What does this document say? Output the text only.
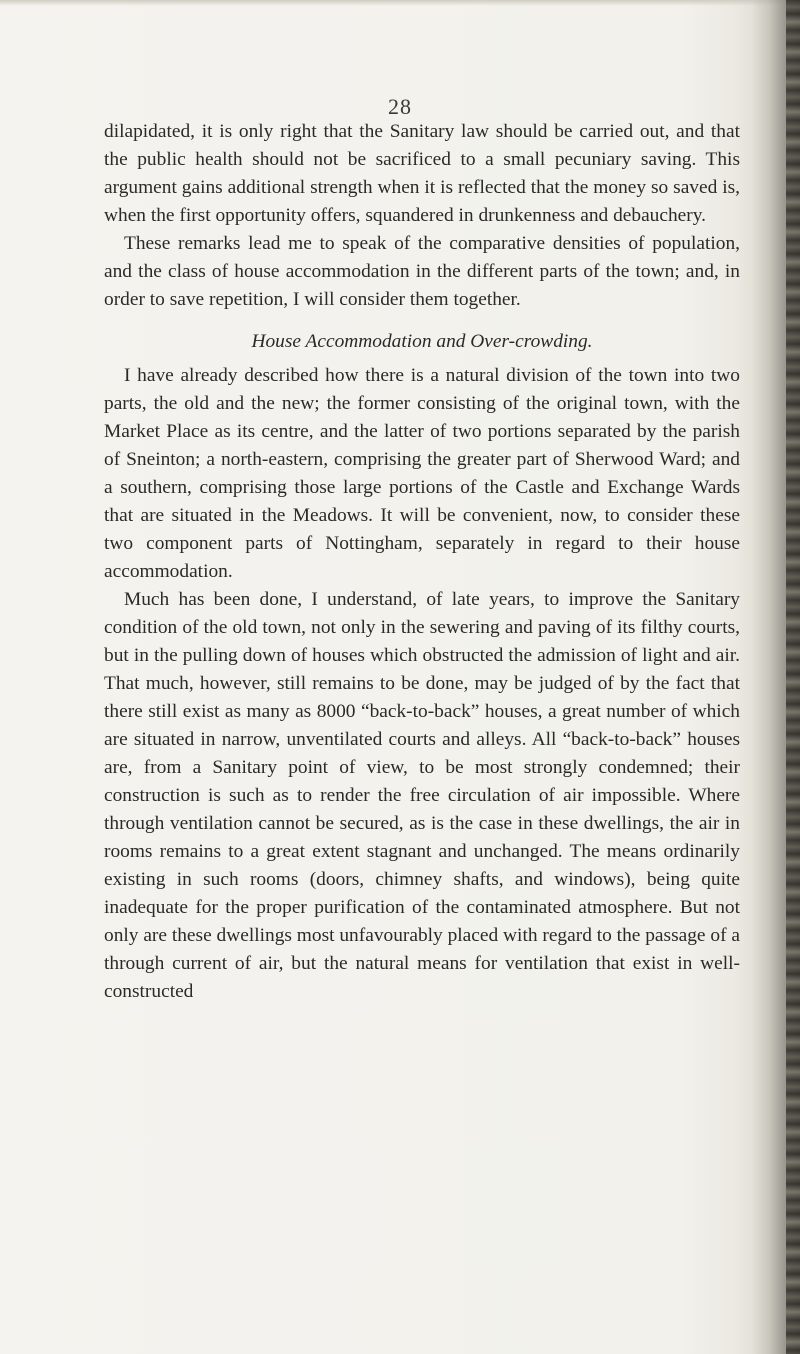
28

dilapidated, it is only right that the Sanitary law should be carried out, and that the public health should not be sacrificed to a small pecuniary saving. This argument gains additional strength when it is reflected that the money so saved is, when the first opportunity offers, squandered in drunkenness and debauchery.

These remarks lead me to speak of the comparative densities of population, and the class of house accommodation in the different parts of the town; and, in order to save repetition, I will consider them together.

House Accommodation and Over-crowding.

I have already described how there is a natural division of the town into two parts, the old and the new; the former consisting of the original town, with the Market Place as its centre, and the latter of two portions separated by the parish of Sneinton; a north-eastern, comprising the greater part of Sherwood Ward; and a southern, comprising those large portions of the Castle and Exchange Wards that are situated in the Meadows. It will be convenient, now, to consider these two component parts of Nottingham, separately in regard to their house accommodation.

Much has been done, I understand, of late years, to improve the Sanitary condition of the old town, not only in the sewering and paving of its filthy courts, but in the pulling down of houses which obstructed the admission of light and air. That much, however, still remains to be done, may be judged of by the fact that there still exist as many as 8000 “back-to-back” houses, a great number of which are situated in narrow, unventilated courts and alleys. All “back-to-back” houses are, from a Sanitary point of view, to be most strongly condemned; their construction is such as to render the free circulation of air impossible. Where through ventilation cannot be secured, as is the case in these dwellings, the air in rooms remains to a great extent stagnant and unchanged. The means ordinarily existing in such rooms (doors, chimney shafts, and windows), being quite inadequate for the proper purification of the contaminated atmosphere. But not only are these dwellings most unfavourably placed with regard to the passage of a through current of air, but the natural means for ventilation that exist in well-constructed
